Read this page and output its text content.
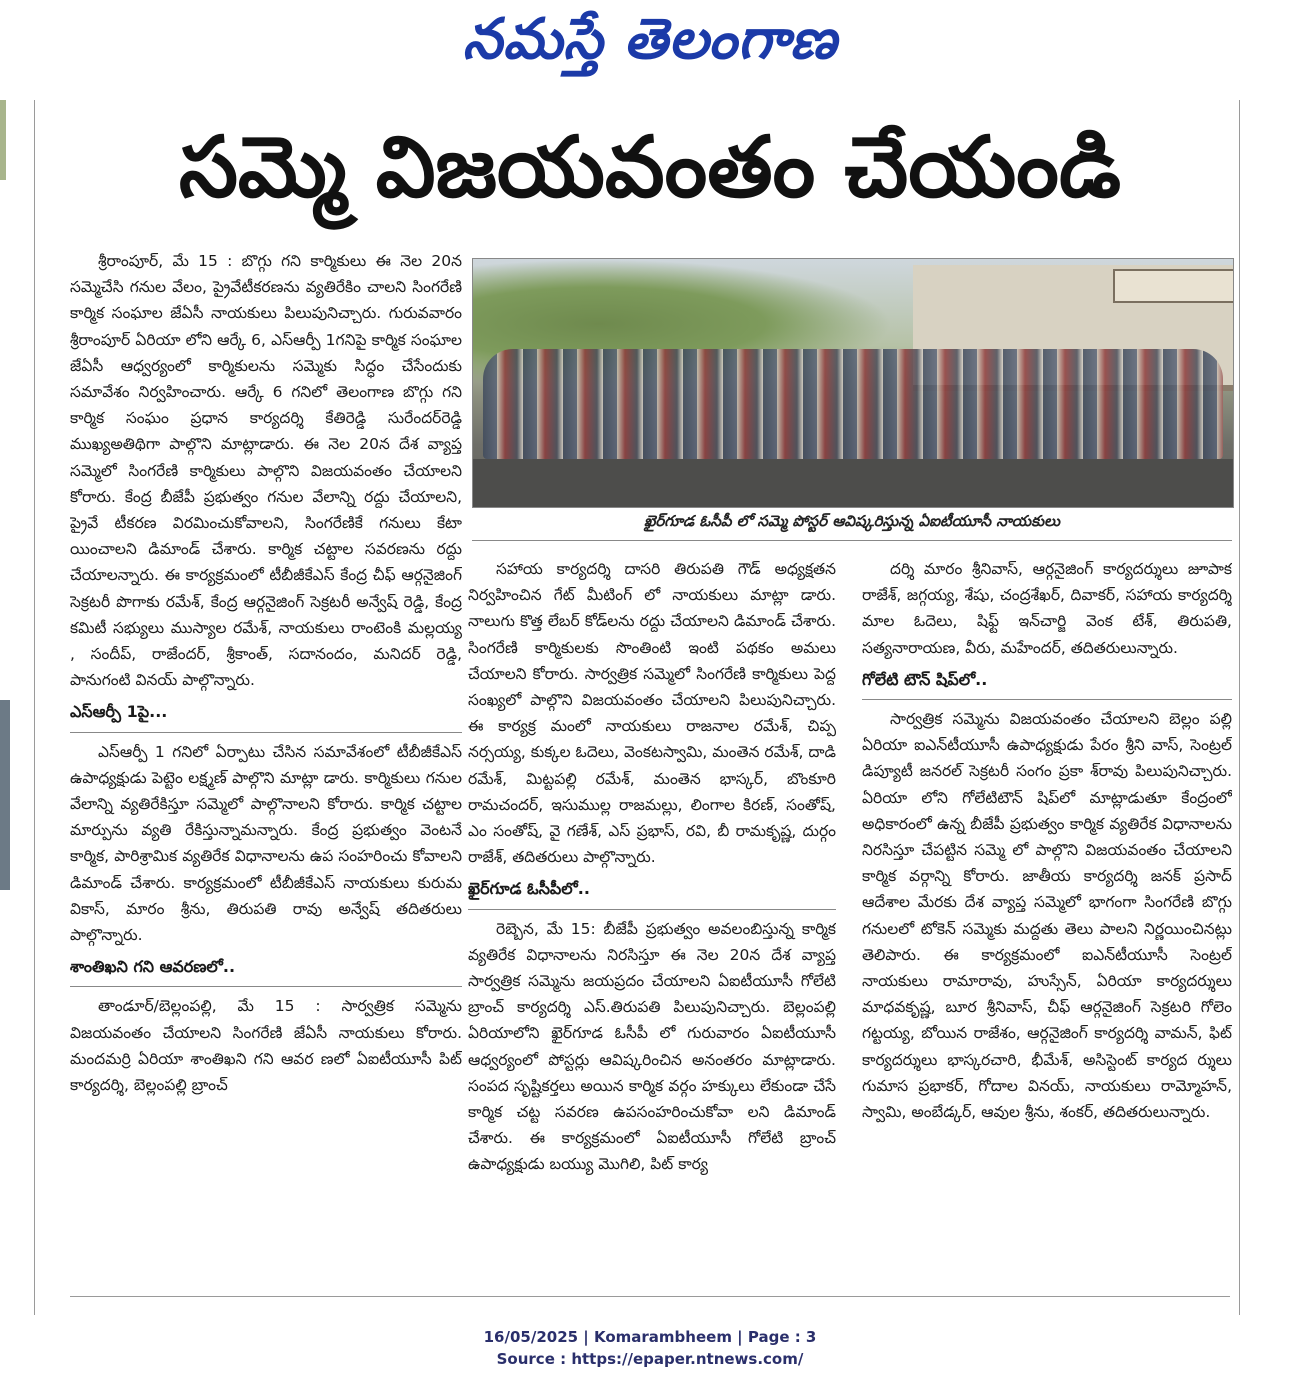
నమస్తే తెలంగాణ
సమ్మె విజయవంతం చేయండి

శ్రీరాంపూర్, మే 15 : బొగ్గు గని కార్మికులు ఈ నెల 20న సమ్మెచేసి గనుల వేలం, ప్రైవేటీకరణను వ్యతిరేకిం చాలని సింగరేణి కార్మిక సంఘాల జేఏసీ నాయకులు పిలుపునిచ్చారు. గురువవారం శ్రీరాంపూర్ ఏరియా లోని ఆర్కే 6, ఎస్ఆర్పీ 1గనిపై కార్మిక సంఘాల జేఏసీ ఆధ్వర్యంలో కార్మికులను సమ్మెకు సిద్ధం చేసేందుకు సమావేశం నిర్వహించారు. ఆర్కే 6 గనిలో తెలంగాణ బొగ్గు గని కార్మిక సంఘం ప్రధాన కార్యదర్శి కేతిరెడ్డి సురేందర్‌రెడ్డి ముఖ్యఅతిథిగా పాల్గొని మాట్లాడారు. ఈ నెల 20న దేశ వ్యాప్త సమ్మెలో సింగరేణి కార్మికులు పాల్గొని విజయవంతం చేయాలని కోరారు. కేంద్ర బీజేపీ ప్రభుత్వం గనుల వేలాన్ని రద్దు చేయాలని, ప్రైవే టీకరణ విరమించుకోవాలని, సింగరేణికే గనులు కేటా యించాలని డిమాండ్ చేశారు. కార్మిక చట్టాల సవరణను రద్దు చేయాలన్నారు. ఈ కార్యక్రమంలో టీబీజీకేఎస్ కేంద్ర చీఫ్ ఆర్గనైజింగ్ సెక్రటరీ పొగాకు రమేశ్, కేంద్ర ఆర్గనైజింగ్ సెక్రటరీ అన్వేష్ రెడ్డి, కేంద్ర కమిటీ సభ్యులు ముస్యాల రమేశ్, నాయకులు రాంటెంకి మల్లయ్య , సందీప్, రాజేందర్, శ్రీకాంత్, సదానందం, మనిదర్ రెడ్డి, పానుగంటి వినయ్ పాల్గొన్నారు.

ఎస్ఆర్పీ 1పై...

ఎస్ఆర్పీ 1 గనిలో ఏర్పాటు చేసిన సమావేశంలో టీబీజీకేఎస్ ఉపాధ్యక్షుడు పెట్టెం లక్ష్మణ్ పాల్గొని మాట్లా డారు. కార్మికులు గనుల వేలాన్ని వ్యతిరేకిస్తూ సమ్మెలో పాల్గొనాలని కోరారు. కార్మిక చట్టాల మార్పును వ్యతి రేకిస్తున్నామన్నారు. కేంద్ర ప్రభుత్వం వెంటనే కార్మిక, పారిశ్రామిక వ్యతిరేక విధానాలను ఉప సంహరించు కోవాలని డిమాండ్ చేశారు. కార్యక్రమంలో టీబీజీకేఎస్ నాయకులు కురుమ వికాస్, మారం శ్రీను, తిరుపతి రావు అన్వేష్ తదితరులు పాల్గొన్నారు.

శాంతిఖని గని ఆవరణలో..

తాండూర్/బెల్లంపల్లి, మే 15 : సార్వత్రిక సమ్మెను విజయవంతం చేయాలని సింగరేణి జేఏసీ నాయకులు కోరారు. మందమర్రి ఏరియా శాంతిఖని గని ఆవర ణలో ఏఐటీయూసీ పిట్ కార్యదర్శి, బెల్లంపల్లి బ్రాంచ్

ఖైర్‌గూడ ఓసీపీ లో సమ్మె పోస్టర్ ఆవిష్కరిస్తున్న ఏఐటీయూసీ నాయకులు

సహాయ కార్యదర్శి దాసరి తిరుపతి గౌడ్ అధ్యక్షతన నిర్వహించిన గేట్ మీటింగ్ లో నాయకులు మాట్లా డారు. నాలుగు కొత్త లేబర్ కోడ్‌లను రద్దు చేయాలని డిమాండ్ చేశారు. సింగరేణి కార్మికులకు సొంతింటి ఇంటి పథకం అమలు చేయాలని కోరారు. సార్వత్రిక సమ్మెలో సింగరేణి కార్మికులు పెద్ద సంఖ్యలో పాల్గొని విజయవంతం చేయాలని పిలుపునిచ్చారు. ఈ కార్యక్ర మంలో నాయకులు రాజనాల రమేశ్, చిప్ప నర్సయ్య, కుక్కల ఓదెలు, వెంకటస్వామి, మంతెన రమేశ్, దాడి రమేశ్, మిట్టపల్లి రమేశ్, మంతెన భాస్కర్, బొంకూరి రామచందర్, ఇసుముల్ల రాజమల్లు, లింగాల కిరణ్, సంతోష్, ఎం సంతోష్, వై గణేశ్, ఎస్ ప్రభాస్, రవి, బీ రామకృష్ణ, దుర్గం రాజేశ్, తదితరులు పాల్గొన్నారు.

ఖైర్‌గూడ ఓసీపీలో..

రెబ్బెన, మే 15: బీజేపీ ప్రభుత్వం అవలంబిస్తున్న కార్మిక వ్యతిరేక విధానాలను నిరసిస్తూ ఈ నెల 20న దేశ వ్యాప్త సార్వత్రిక సమ్మెను జయప్రదం చేయాలని ఏఐటీయూసీ గోలేటి బ్రాంచ్ కార్యదర్శి ఎస్.తిరుపతి పిలుపునిచ్చారు. బెల్లంపల్లి ఏరియాలోని ఖైర్‌గూడ ఓసీపీ లో గురువారం ఏఐటీయూసీ ఆధ్వర్యంలో పోస్టర్లు ఆవిష్కరించిన అనంతరం మాట్లాడారు. సంపద సృష్టికర్తలు అయిన కార్మిక వర్గం హక్కులు లేకుండా చేసే కార్మిక చట్ట సవరణ ఉపసంహరించుకోవా లని డిమాండ్ చేశారు. ఈ కార్యక్రమంలో ఏఐటీయూసీ గోలేటి బ్రాంచ్ ఉపాధ్యక్షుడు బయ్యు మొగిలి, పిట్ కార్య

దర్శి మారం శ్రీనివాస్, ఆర్గనైజింగ్ కార్యదర్శులు జూపాక రాజేశ్, జగ్గయ్య, శేషు, చంద్రశేఖర్, దివాకర్, సహాయ కార్యదర్శి మాల ఓదెలు, షిఫ్ట్ ఇన్‌చార్జి వెంక టేశ్, తిరుపతి, సత్యనారాయణ, వీరు, మహేందర్, తదితరులున్నారు.

గోలేటి టౌన్ షిప్‌లో..

సార్వత్రిక సమ్మెను విజయవంతం చేయాలని బెల్లం పల్లి ఏరియా ఐఎన్‌టీయూసీ ఉపాధ్యక్షుడు పేరం శ్రీని వాస్, సెంట్రల్ డిప్యూటీ జనరల్ సెక్రటరీ సంగం ప్రకా శ్‌రావు పిలుపునిచ్చారు. ఏరియా లోని గోలేటిటౌన్ షిప్‌లో మాట్లాడుతూ కేంద్రంలో అధికారంలో ఉన్న బీజేపీ ప్రభుత్వం కార్మిక వ్యతిరేక విధానాలను నిరసిస్తూ చేపట్టిన సమ్మె లో పాల్గొని విజయవంతం చేయాలని కార్మిక వర్గాన్ని కోరారు. జాతీయ కార్యదర్శి జనక్ ప్రసాద్ ఆదేశాల మేరకు దేశ వ్యాప్త సమ్మెలో భాగంగా సింగరేణి బొగ్గు గనులలో టోకెన్ సమ్మెకు మద్దతు తెలు పాలని నిర్ణయించినట్లు తెలిపారు. ఈ కార్యక్రమంలో ఐఎన్‌టీయూసీ సెంట్రల్ నాయకులు రామారావు, హుస్సేన్, ఏరియా కార్యదర్శులు మాధవకృష్ణ, బూర శ్రీనివాస్, చీఫ్ ఆర్గనైజింగ్ సెక్రటరి గోలెం గట్టయ్య, బోయిన రాజేశం, ఆర్గనైజింగ్ కార్యదర్శి వామన్, ఫిట్ కార్యదర్శులు భాస్కరచారి, భీమేశ్, అసిస్టెంట్ కార్యద ర్శులు గుమాస ప్రభాకర్, గోదాల వినయ్, నాయకులు రామ్మోహన్, స్వామి, అంబేడ్కర్, ఆవుల శ్రీను, శంకర్, తదితరులున్నారు.

16/05/2025 | Komarambheem | Page : 3
Source : https://epaper.ntnews.com/
